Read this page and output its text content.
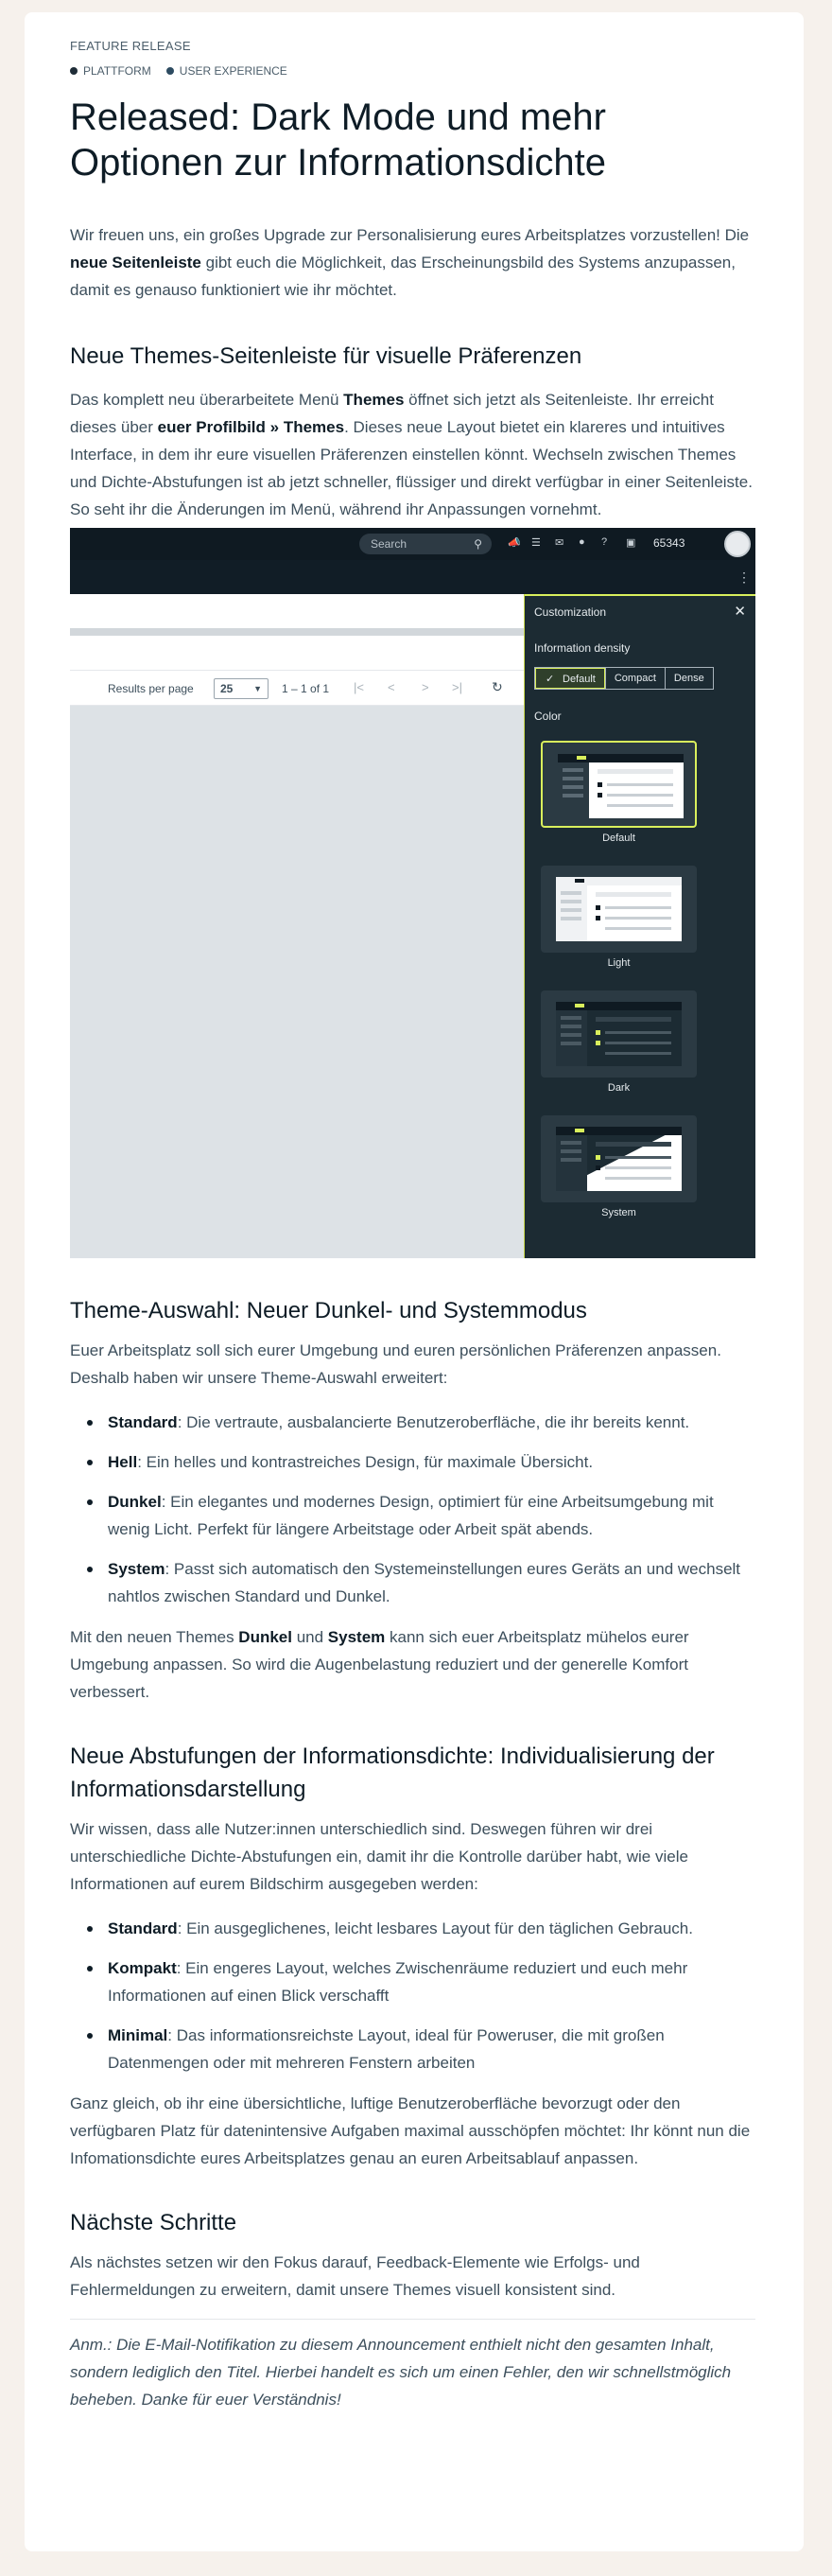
FEATURE RELEASE
PLATTFORM	USER EXPERIENCE
Released: Dark Mode und mehr Optionen zur Informationsdichte

Wir freuen uns, ein großes Upgrade zur Personalisierung eures Arbeitsplatzes vorzustellen! Die neue Seitenleiste gibt euch die Möglichkeit, das Erscheinungsbild des Systems anzupassen, damit es genauso funktioniert wie ihr möchtet.

Neue Themes-Seitenleiste für visuelle Präferenzen

Das komplett neu überarbeitete Menü Themes öffnet sich jetzt als Seitenleiste. Ihr erreicht dieses über euer Profilbild » Themes. Dieses neue Layout bietet ein klareres und intuitives Interface, in dem ihr eure visuellen Präferenzen einstellen könnt. Wechseln zwischen Themes und Dichte-Abstufungen ist ab jetzt schneller, flüssiger und direkt verfügbar in einer Seitenleiste. So seht ihr die Änderungen im Menü, während ihr Anpassungen vornehmt.

Search	⚲ 📣 ☰ ✉ ● ? ▣ 65343
⋮
Results per page	25 ▼ 1 – 1 of 1 |< < > >| ↻
Customization	✕
Information density
✓ Default	Compact	Dense
Color
Default
Light
Dark
System
Theme-Auswahl: Neuer Dunkel- und Systemmodus

Euer Arbeitsplatz soll sich eurer Umgebung und euren persönlichen Präferenzen anpassen. Deshalb haben wir unsere Theme-Auswahl erweitert:

Standard: Die vertraute, ausbalancierte Benutzeroberfläche, die ihr bereits kennt.
Hell: Ein helles und kontrastreiches Design, für maximale Übersicht.
Dunkel: Ein elegantes und modernes Design, optimiert für eine Arbeitsumgebung mit wenig Licht. Perfekt für längere Arbeitstage oder Arbeit spät abends.
System: Passt sich automatisch den Systemeinstellungen eures Geräts an und wechselt nahtlos zwischen Standard und Dunkel.

Mit den neuen Themes Dunkel und System kann sich euer Arbeitsplatz mühelos eurer Umgebung anpassen. So wird die Augenbelastung reduziert und der generelle Komfort verbessert.

Neue Abstufungen der Informationsdichte: Individualisierung der Informationsdarstellung

Wir wissen, dass alle Nutzer:innen unterschiedlich sind. Deswegen führen wir drei unterschiedliche Dichte-Abstufungen ein, damit ihr die Kontrolle darüber habt, wie viele Informationen auf eurem Bildschirm ausgegeben werden:

Standard: Ein ausgeglichenes, leicht lesbares Layout für den täglichen Gebrauch.
Kompakt: Ein engeres Layout, welches Zwischenräume reduziert und euch mehr Informationen auf einen Blick verschafft
Minimal: Das informationsreichste Layout, ideal für Poweruser, die mit großen Datenmengen oder mit mehreren Fenstern arbeiten

Ganz gleich, ob ihr eine übersichtliche, luftige Benutzeroberfläche bevorzugt oder den verfügbaren Platz für datenintensive Aufgaben maximal ausschöpfen möchtet: Ihr könnt nun die Infomationsdichte eures Arbeitsplatzes genau an euren Arbeitsablauf anpassen.

Nächste Schritte

Als nächstes setzen wir den Fokus darauf, Feedback-Elemente wie Erfolgs- und Fehlermeldungen zu erweitern, damit unsere Themes visuell konsistent sind.

Anm.: Die E-Mail-Notifikation zu diesem Announcement enthielt nicht den gesamten Inhalt, sondern lediglich den Titel. Hierbei handelt es sich um einen Fehler, den wir schnellstmöglich beheben. Danke für euer Verständnis!
